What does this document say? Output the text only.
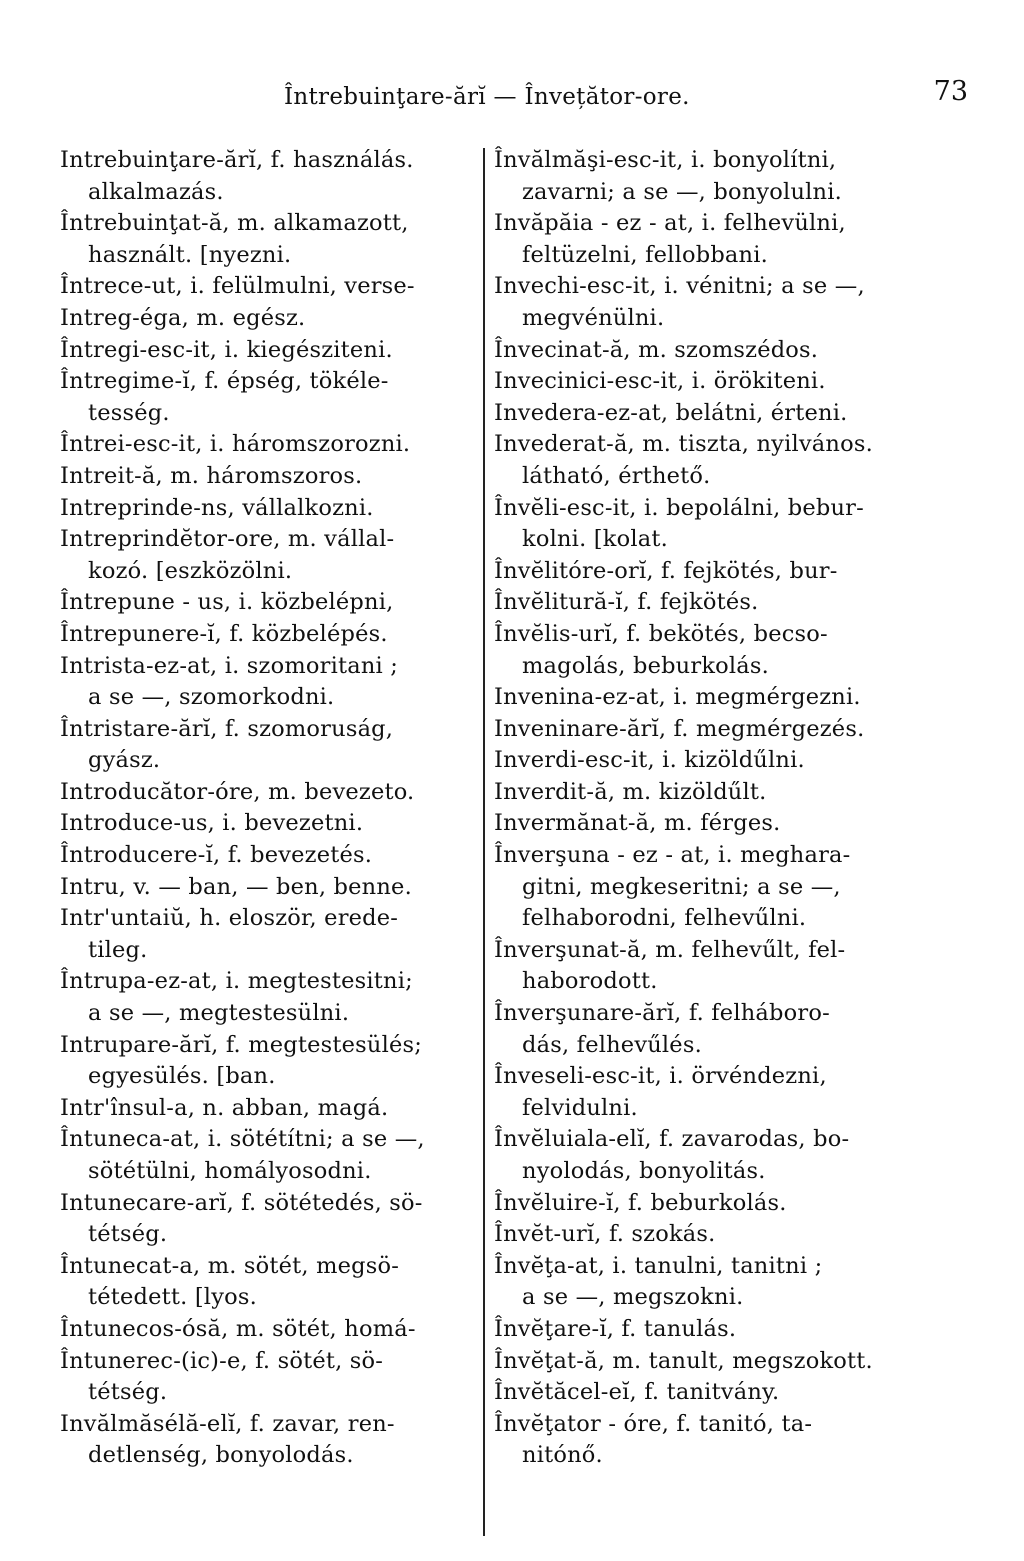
Întrebuinţare-ărĭ — Învețător-ore.	73
Intrebuinţare-ărĭ, f. használás.
alkalmazás.
Întrebuinţat-ă, m. alkamazott,
használt. [nyezni.
Întrece-ut, i. felülmulni, verse-
Intreg-éga, m. egész.
Întregi-esc-it, i. kiegésziteni.
Întregime-ĭ, f. épség, tökéle-
tesség.
Întrei-esc-it, i. háromszorozni.
Intreit-ă, m. háromszoros.
Intreprinde-ns, vállalkozni.
Intreprindĕtor-ore, m. vállal-
kozó. [eszközölni.
Întrepune - us, i. közbelépni,
Întrepunere-ĭ, f. közbelépés.
Intrista-ez-at, i. szomoritani ;
a se —, szomorkodni.
Întristare-ărĭ, f. szomoruság,
gyász.
Introducător-óre, m. bevezeto.
Introduce-us, i. bevezetni.
Întroducere-ĭ, f. bevezetés.
Intru, v. — ban, — ben, benne.
Intr'untaiŭ, h. eloször, erede-
tileg.
Întrupa-ez-at, i. megtestesitni;
a se —, megtestesülni.
Intrupare-ărĭ, f. megtestesülés;
egyesülés. [ban.
Intr'însul-a, n. abban, magá.
Întuneca-at, i. sötétítni; a se —,
sötétülni, homályosodni.
Intunecare-arĭ, f. sötétedés, sö-
tétség.
Întunecat-a, m. sötét, megsö-
tétedett. [lyos.
Întunecos-ósă, m. sötét, homá-
Întunerec-(ic)-e, f. sötét, sö-
tétség.
Invălmăsélă-elĭ, f. zavar, ren-
detlenség, bonyolodás.
Învălmăşi-esc-it, i. bonyolítni,
zavarni; a se —, bonyolulni.
Invăpăia - ez - at, i. felhevülni,
feltüzelni, fellobbani.
Invechi-esc-it, i. vénitni; a se —,
megvénülni.
Învecinat-ă, m. szomszédos.
Invecinici-esc-it, i. örökiteni.
Invedera-ez-at, belátni, érteni.
Invederat-ă, m. tiszta, nyilvános.
látható, érthető.
Învĕli-esc-it, i. bepolálni, bebur-
kolni. [kolat.
Învĕlitóre-orĭ, f. fejkötés, bur-
Învĕlitură-ĭ, f. fejkötés.
Învĕlis-urĭ, f. bekötés, becso-
magolás, beburkolás.
Invenina-ez-at, i. megmérgezni.
Inveninare-ărĭ, f. megmérgezés.
Inverdi-esc-it, i. kizöldűlni.
Inverdit-ă, m. kizöldűlt.
Invermănat-ă, m. férges.
Înverşuna - ez - at, i. meghara-
gitni, megkeseritni; a se —,
felhaborodni, felhevűlni.
Înverşunat-ă, m. felhevűlt, fel-
haborodott.
Înverşunare-ărĭ, f. felháboro-
dás, felhevűlés.
Înveseli-esc-it, i. örvéndezni,
felvidulni.
Învĕluiala-elĭ, f. zavarodas, bo-
nyolodás, bonyolitás.
Învĕluire-ĭ, f. beburkolás.
Învĕt-urĭ, f. szokás.
Învĕţa-at, i. tanulni, tanitni ;
a se —, megszokni.
Învĕţare-ĭ, f. tanulás.
Învĕţat-ă, m. tanult, megszokott.
Învĕtăcel-eĭ, f. tanitvány.
Învĕţator - óre, f. tanitó, ta-
nitónő.
